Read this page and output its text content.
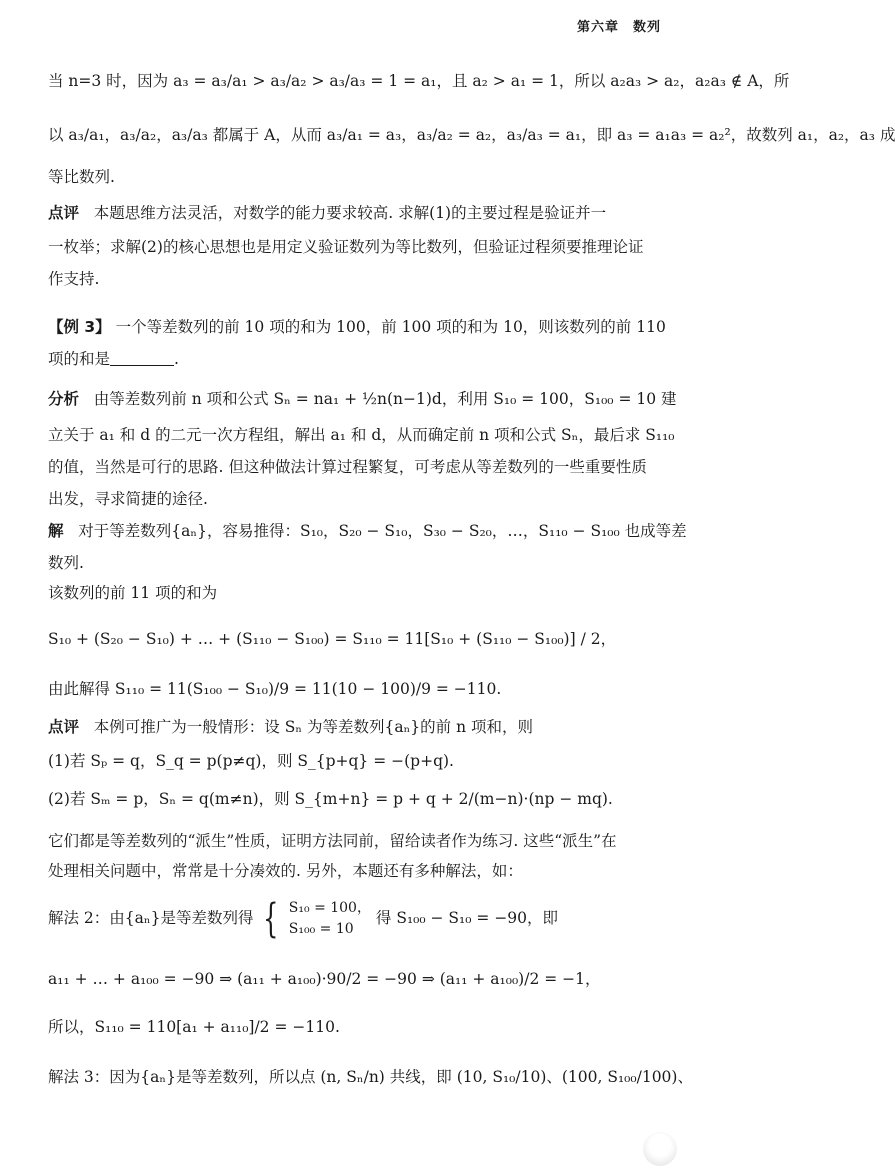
第六章　数列
当 n=3 时，因为 a₃ = a₃/a₁ > a₃/a₂ > a₃/a₃ = 1 = a₁，且 a₂ > a₁ = 1，所以 a₂a₃ > a₂，a₂a₃ ∉ A，所
以 a₃/a₁，a₃/a₂，a₃/a₃ 都属于 A，从而 a₃/a₁ = a₃，a₃/a₂ = a₂，a₃/a₃ = a₁，即 a₃ = a₁a₃ = a₂²，故数列 a₁，a₂，a₃ 成
等比数列.
点评 本题思维方法灵活，对数学的能力要求较高. 求解(1)的主要过程是验证并一
一枚举；求解(2)的核心思想也是用定义验证数列为等比数列，但验证过程须要推理论证
作支持.
【例 3】 一个等差数列的前 10 项的和为 100，前 100 项的和为 10，则该数列的前 110
项的和是	.
分析 由等差数列前 n 项和公式 Sₙ = na₁ + ½n(n−1)d，利用 S₁₀ = 100，S₁₀₀ = 10 建
立关于 a₁ 和 d 的二元一次方程组，解出 a₁ 和 d，从而确定前 n 项和公式 Sₙ，最后求 S₁₁₀
的值，当然是可行的思路. 但这种做法计算过程繁复，可考虑从等差数列的一些重要性质
出发，寻求简捷的途径.
解 对于等差数列{aₙ}，容易推得：S₁₀，S₂₀ − S₁₀，S₃₀ − S₂₀，…，S₁₁₀ − S₁₀₀ 也成等差
数列.
该数列的前 11 项的和为
S₁₀ + (S₂₀ − S₁₀) + … + (S₁₁₀ − S₁₀₀) = S₁₁₀ = 11[S₁₀ + (S₁₁₀ − S₁₀₀)] / 2，
由此解得 S₁₁₀ = 11(S₁₀₀ − S₁₀)/9 = 11(10 − 100)/9 = −110.
点评 本例可推广为一般情形：设 Sₙ 为等差数列{aₙ}的前 n 项和，则
(1)若 Sₚ = q，S_q = p(p≠q)，则 S_{p+q} = −(p+q).
(2)若 Sₘ = p，Sₙ = q(m≠n)，则 S_{m+n} = p + q + 2/(m−n)·(np − mq).
它们都是等差数列的“派生”性质，证明方法同前，留给读者作为练习. 这些“派生”在
处理相关问题中，常常是十分凑效的. 另外，本题还有多种解法，如：
解法 2：由{aₙ}是等差数列得 { S₁₀ = 100，
S₁₀₀ = 10
得 S₁₀₀ − S₁₀ = −90，即
a₁₁ + … + a₁₀₀ = −90 ⇒ (a₁₁ + a₁₀₀)·90/2 = −90 ⇒ (a₁₁ + a₁₀₀)/2 = −1，
所以，S₁₁₀ = 110[a₁ + a₁₁₀]/2 = −110.
解法 3：因为{aₙ}是等差数列，所以点 (n, Sₙ/n) 共线，即 (10, S₁₀/10)、(100, S₁₀₀/100)、
